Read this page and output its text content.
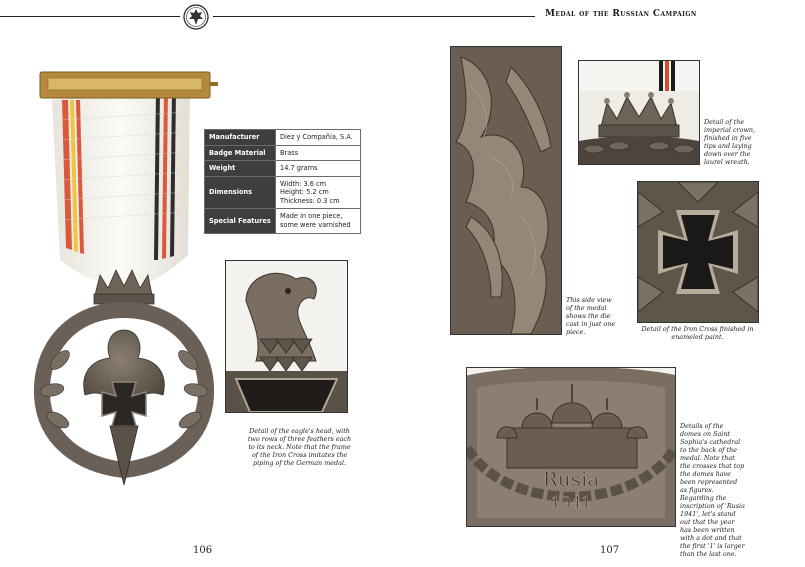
Medal of the Russian Campaign
Manufacturer	Diez y Compañía, S.A.
Badge Material	Brass
Weight	14.7 grams
Dimensions	Width: 3.6 cm
Height: 5.2 cm
Thickness: 0.3 cm

Special Features	Made in one piece, some were varnished
Detail of the eagle's head, with two rows of three feathers each to its neck. Note that the frame of the Iron Cross imitates the piping of the German medal.
106
This side view of the medal shows the die cast in just one piece.
Detail of the imperial crown, finished in five tips and laying down over the laurel wreath.
Detail of the Iron Cross finished in enameled paint.
Rusia
1941
Details of the domes on Saint Sophia's cathedral to the back of the medal. Note that the crosses that top the domes have been represented as figures. Regarding the inscription of 'Rusia 1941', let's stand out that the year has been written with a dot and that the first '1' is larger than the last one.
107
